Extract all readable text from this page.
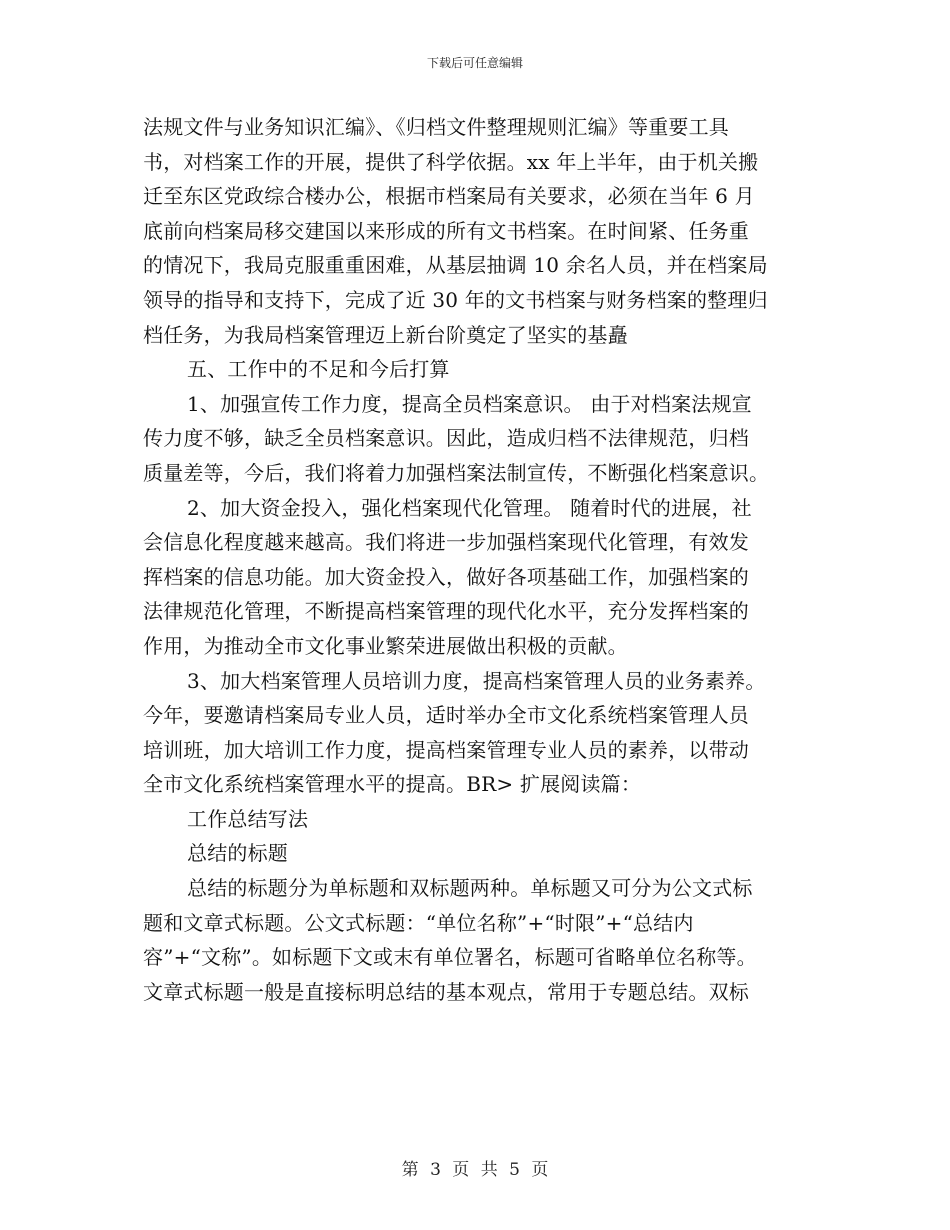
下载后可任意编辑
法规文件与业务知识汇编》、《归档文件整理规则汇编》等重要工具
书，对档案工作的开展，提供了科学依据。xx 年上半年，由于机关搬
迁至东区党政综合楼办公，根据市档案局有关要求，必须在当年 6 月
底前向档案局移交建国以来形成的所有文书档案。在时间紧、任务重
的情况下，我局克服重重困难，从基层抽调 10 余名人员，并在档案局
领导的指导和支持下，完成了近 30 年的文书档案与财务档案的整理归
档任务，为我局档案管理迈上新台阶奠定了坚实的基矗
五、工作中的不足和今后打算
1、加强宣传工作力度，提高全员档案意识。 由于对档案法规宣
传力度不够，缺乏全员档案意识。因此，造成归档不法律规范，归档
质量差等，今后，我们将着力加强档案法制宣传，不断强化档案意识。
2、加大资金投入，强化档案现代化管理。 随着时代的进展，社
会信息化程度越来越高。我们将进一步加强档案现代化管理，有效发
挥档案的信息功能。加大资金投入，做好各项基础工作，加强档案的
法律规范化管理，不断提高档案管理的现代化水平，充分发挥档案的
作用，为推动全市文化事业繁荣进展做出积极的贡献。
3、加大档案管理人员培训力度，提高档案管理人员的业务素养。
今年，要邀请档案局专业人员，适时举办全市文化系统档案管理人员
培训班，加大培训工作力度，提高档案管理专业人员的素养，以带动
全市文化系统档案管理水平的提高。BR> 扩展阅读篇：
工作总结写法
总结的标题
总结的标题分为单标题和双标题两种。单标题又可分为公文式标
题和文章式标题。公文式标题：“单位名称”+“时限”+“总结内
容”+“文称”。如标题下文或末有单位署名，标题可省略单位名称等。
文章式标题一般是直接标明总结的基本观点，常用于专题总结。双标
第 3 页 共 5 页
